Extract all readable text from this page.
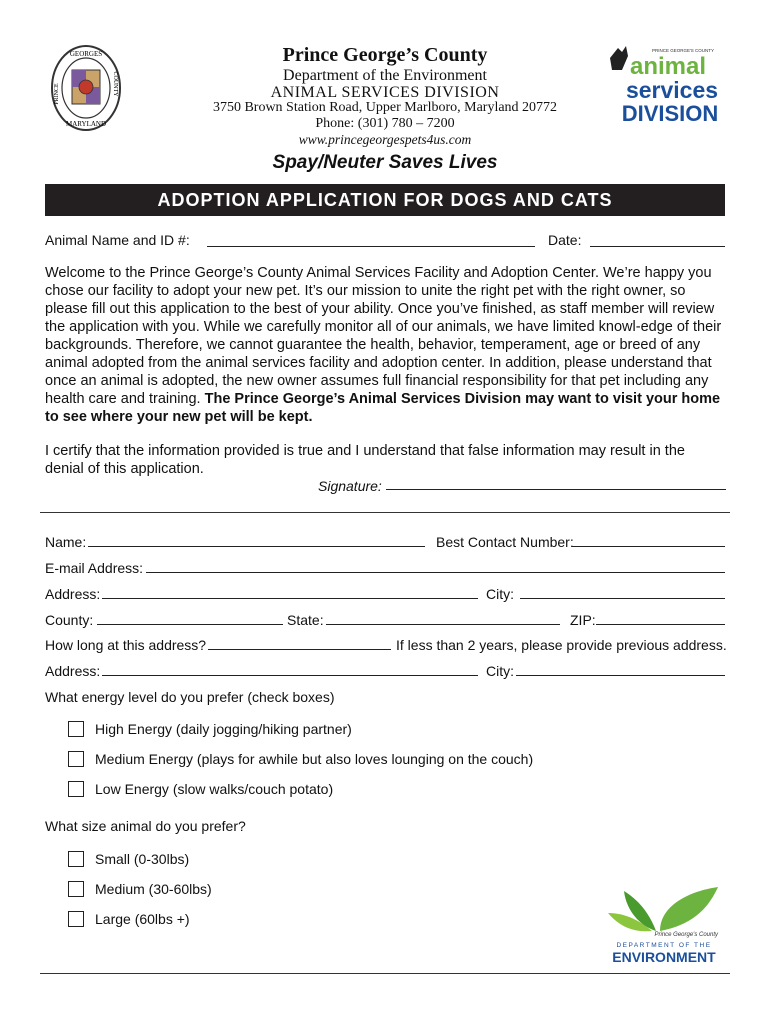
GEORGES
PRINCE	COUNTY
MARYLAND
Prince George’s County
Department of the Environment
ANIMAL SERVICES DIVISION
3750 Brown Station Road, Upper Marlboro, Maryland 20772
Phone: (301) 780 – 7200
www.princegeorgespets4us.com
Spay/Neuter Saves Lives
PRINCE GEORGE'S COUNTY
animal
services
DIVISION
ADOPTION APPLICATION FOR DOGS AND CATS
Animal Name and ID #:	Date:
Welcome to the Prince George’s County Animal Services Facility and Adoption Center. We’re happy you chose our facility to adopt your new pet. It’s our mission to unite the right pet with the right owner, so please fill out this application to the best of your ability. Once you’ve finished, as staff member will review the application with you. While we carefully monitor all of our animals, we have limited knowl-edge of their backgrounds. Therefore, we cannot guarantee the health, behavior, temperament, age or breed of any animal adopted from the animal services facility and adoption center. In addition, please understand that once an animal is adopted, the new owner assumes full financial responsibility for that pet including any health care and training. The Prince George’s Animal Services Division may want to visit your home to see where your new pet will be kept.
I certify that the information provided is true and I understand that false information may result in the denial of this application.
Signature:
Name:	Best Contact Number:
E-mail Address:
Address:	City:
County:	State:	ZIP:
How long at this address?	If less than 2 years, please provide previous address.
Address:	City:
What energy level do you prefer (check boxes)
High Energy (daily jogging/hiking partner)
Medium Energy (plays for awhile but also loves lounging on the couch)
Low Energy (slow walks/couch potato)
What size animal do you prefer?
Small (0-30lbs)
Medium (30-60lbs)
Large (60lbs +)
Prince George's County
DEPARTMENT OF THE
ENVIRONMENT
